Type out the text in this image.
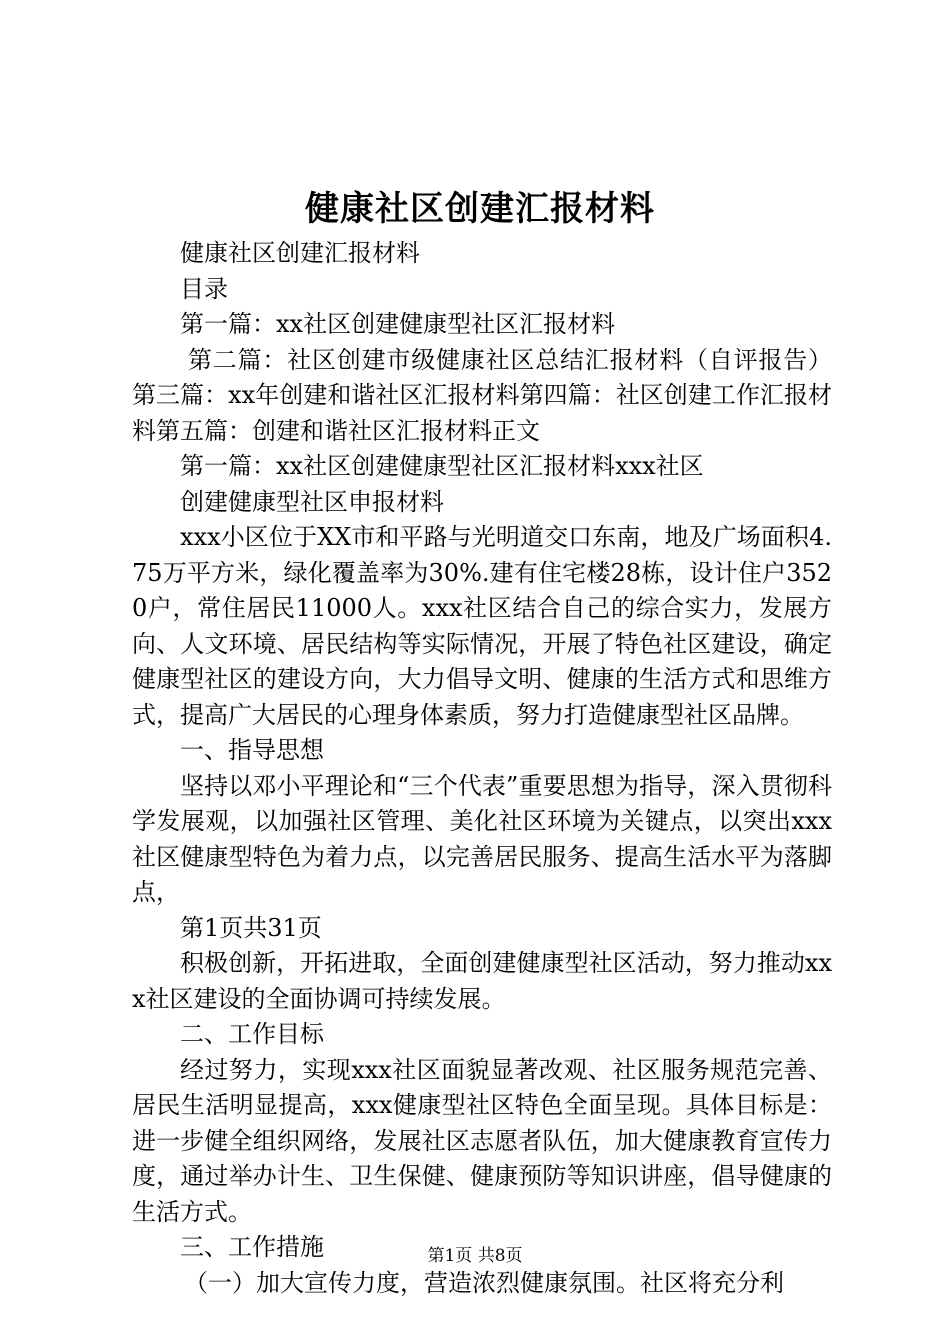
健康社区创建汇报材料

健康社区创建汇报材料

目录

第一篇：xx社区创建健康型社区汇报材料

第二篇：社区创建市级健康社区总结汇报材料（自评报告）第三篇：xx年创建和谐社区汇报材料第四篇：社区创建工作汇报材料第五篇：创建和谐社区汇报材料正文

第一篇：xx社区创建健康型社区汇报材料xxx社区

创建健康型社区申报材料

xxx小区位于XX市和平路与光明道交口东南，地及广场面积4.75万平方米，绿化覆盖率为30%.建有住宅楼28栋，设计住户3520户，常住居民11000人。xxx社区结合自己的综合实力，发展方向、人文环境、居民结构等实际情况，开展了特色社区建设，确定健康型社区的建设方向，大力倡导文明、健康的生活方式和思维方式，提高广大居民的心理身体素质，努力打造健康型社区品牌。

一、指导思想

坚持以邓小平理论和“三个代表”重要思想为指导，深入贯彻科学发展观，以加强社区管理、美化社区环境为关键点，以突出xxx社区健康型特色为着力点，以完善居民服务、提高生活水平为落脚点，

第1页共31页

积极创新，开拓进取，全面创建健康型社区活动，努力推动xxx社区建设的全面协调可持续发展。

二、工作目标

经过努力，实现xxx社区面貌显著改观、社区服务规范完善、居民生活明显提高，xxx健康型社区特色全面呈现。具体目标是：进一步健全组织网络，发展社区志愿者队伍，加大健康教育宣传力度，通过举办计生、卫生保健、健康预防等知识讲座，倡导健康的生活方式。

三、工作措施

（一）加大宣传力度，营造浓烈健康氛围。社区将充分利

第1页 共8页
